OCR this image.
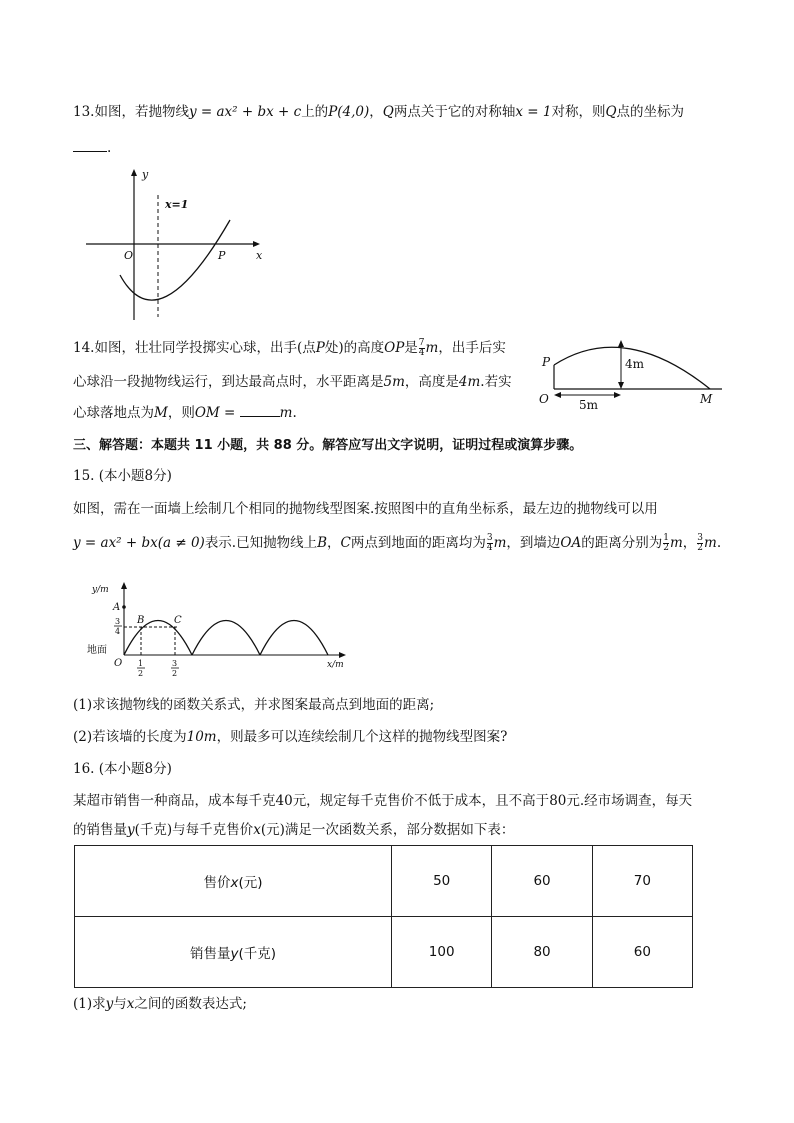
13.如图，若抛物线y = ax² + bx + c上的P(4,0)，Q两点关于它的对称轴x = 1对称，则Q点的坐标为
.
y
x
x=1
O	P
14.如图，壮壮同学投掷实心球，出手(点P处)的高度OP是 $\frac{7}{4}$ m，出手后实
心球沿一段抛物线运行，到达最高点时，水平距离是5m，高度是4m.若实
心球落地点为M，则OM =	m.
P
O	M
4m
5m
三、解答题：本题共 11 小题，共 88 分。解答应写出文字说明，证明过程或演算步骤。
15. (本小题8分)
如图，需在一面墙上绘制几个相同的抛物线型图案.按照图中的直角坐标系，最左边的抛物线可以用
y = ax² + bx(a ≠ 0)表示.已知抛物线上B，C两点到地面的距离均为 $\frac{3}{4}$ m，到墙边OA的距离分别为 $\frac{1}{2}$ m， $\frac{3}{2} m$.
y/m
x/m
A
B	C
O
地面
3
4
1
2
3
2
(1)求该抛物线的函数关系式，并求图案最高点到地面的距离;
(2)若该墙的长度为10m，则最多可以连续绘制几个这样的抛物线型图案?
16. (本小题8分)
某超市销售一种商品，成本每千克40元，规定每千克售价不低于成本，且不高于80元.经市场调查，每天
的销售量y(千克)与每千克售价x(元)满足一次函数关系，部分数据如下表：
售价x(元)	50	60	70
销售量y(千克)	100	80	60
(1)求y与x之间的函数表达式;
